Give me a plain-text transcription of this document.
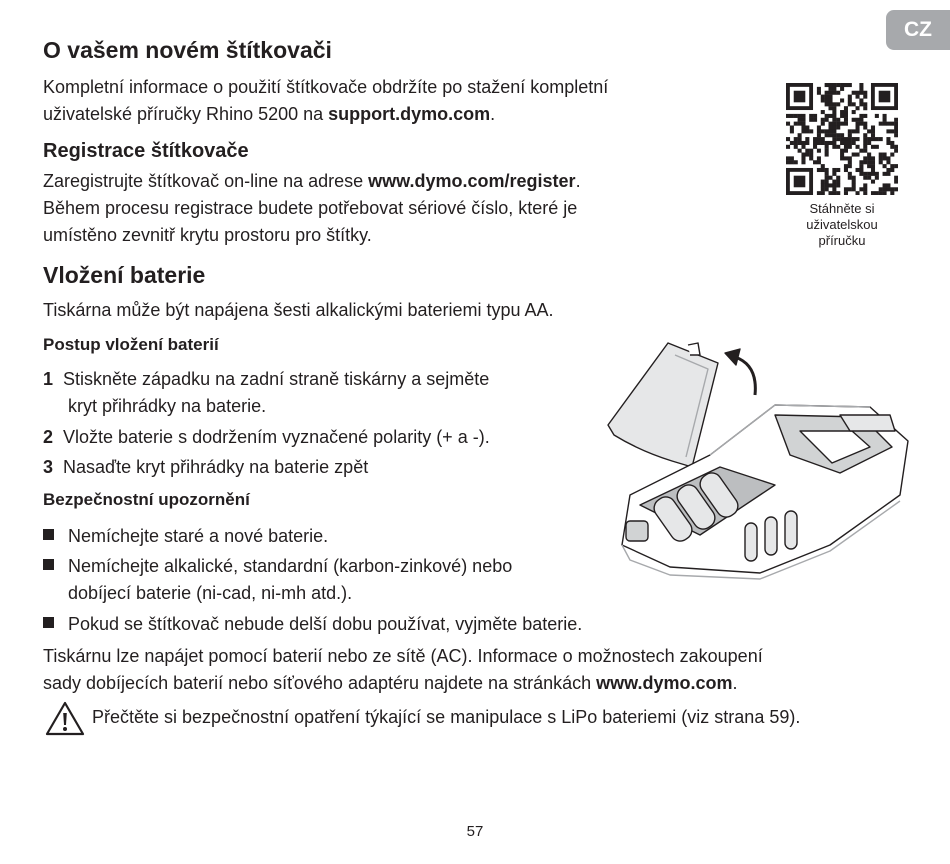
CZ
O vašem novém štítkovači
Kompletní informace o použití štítkovače obdržíte po stažení kompletní
uživatelské příručky Rhino 5200 na support.dymo.com.
Stáhněte si
uživatelskou
příručku
Registrace štítkovače
Zaregistrujte štítkovač on-line na adrese www.dymo.com/register.
Během procesu registrace budete potřebovat sériové číslo, které je
umístěno zevnitř krytu prostoru pro štítky.
Vložení baterie
Tiskárna může být napájena šesti alkalickými bateriemi typu AA.
Postup vložení baterií
1 Stiskněte západku na zadní straně tiskárny a sejměte
kryt přihrádky na baterie.
2 Vložte baterie s dodržením vyznačené polarity (+ a -).
3 Nasaďte kryt přihrádky na baterie zpět
Bezpečnostní upozornění
Nemíchejte staré a nové baterie.
Nemíchejte alkalické, standardní (karbon-zinkové) nebo
dobíjecí baterie (ni-cad, ni-mh atd.).
Pokud se štítkovač nebude delší dobu používat, vyjměte baterie.
Tiskárnu lze napájet pomocí baterií nebo ze sítě (AC). Informace o možnostech zakoupení
sady dobíjecích baterií nebo síťového adaptéru najdete na stránkách www.dymo.com.
Přečtěte si bezpečnostní opatření týkající se manipulace s LiPo bateriemi (viz strana 59).
57
